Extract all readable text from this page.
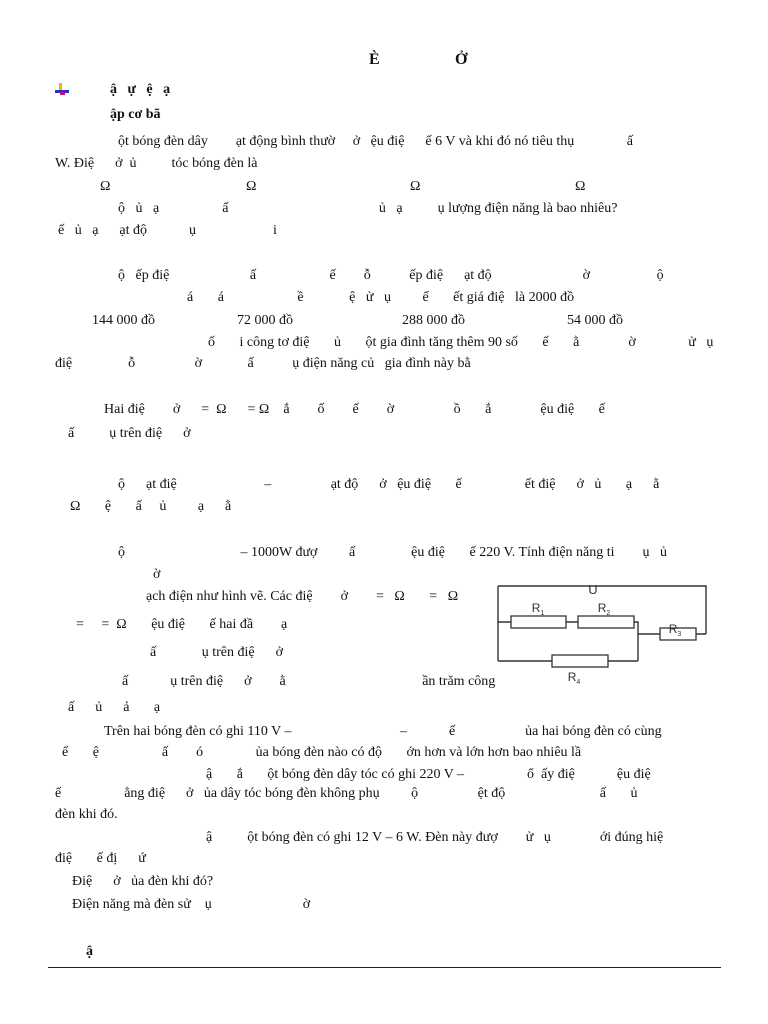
È	Ở
ậ   ự   ệ   ạ
ập cơ bã
ột bóng đèn dây        ạt động bình thườ     ở   ệu điệ      ế 6 V và khi đó nó tiêu thụ               ấ
W. Điệ      ở  ủ          tóc bóng đèn là
Ω	Ω	Ω	Ω
ộ   ủ   ạ                  ấ                                           ủ   ạ          ụ lượng điện năng là bao nhiêu?
ế   ủ   ạ      ạt độ            ụ                      i
ộ   ếp điệ                       ấ                     ế        ỗ           ếp điệ      ạt độ                          ờ                   ộ
á       á                     ề             ệ   ử   ụ         ế       ết giá điệ   là 2000 đồ
144 000 đồ	72 000 đồ	288 000 đồ	54 000 đồ
ố       i công tơ điệ       ủ       ột gia đình tăng thêm 90 số       ế       ằ              ờ               ử   ụ
điệ                ỗ                 ờ             ấ           ụ điện năng củ   gia đình này bằ
Hai điệ        ở      =  Ω      = Ω    ắ        ố        ế        ờ                 ồ       ắ              ệu điệ       ế
ấ          ụ trên điệ      ở
ộ      ạt điệ                         –                 ạt độ      ở   ệu điệ       ế                  ết điệ      ở   ủ       ạ      ằ
Ω       ệ       ấ     ủ         ạ      ằ
ộ                                 – 1000W đượ         ấ                ệu điệ       ế 220 V. Tính điện năng ti        ụ   ủ
ờ
ạch điện như hình vẽ. Các điệ        ở        =   Ω       =   Ω
=     =  Ω       ệu điệ       ế hai đầ        ạ
ấ             ụ trên điệ      ở
ấ            ụ trên điệ      ở        ằ                                       ần trăm công
ấ      ủ      ả       ạ
U
$R_1$	$R_2$
$R_3$
$R_4$
Trên hai bóng đèn có ghi 110 V –                               –            ế                    ủa hai bóng đèn có cùng
ế       ệ                  ấ        ó               ủa bóng đèn nào có độ       ớn hơn và lớn hơn bao nhiêu lầ
ậ       ắ       ột bóng đèn dây tóc có ghi 220 V –                  ổ  ấy điệ            ệu điệ
ế                  ằng điệ      ở   ủa dây tóc bóng đèn không phụ         ộ                 ệt độ                           ấ       ủ
đèn khi đó.
ậ          ột bóng đèn có ghi 12 V – 6 W. Đèn này đượ        ử   ụ              ới đúng hiệ
điệ       ế đị      ứ
Điệ      ở   ủa đèn khi đó?
Điện năng mà đèn sử    ụ                          ờ
ậ
